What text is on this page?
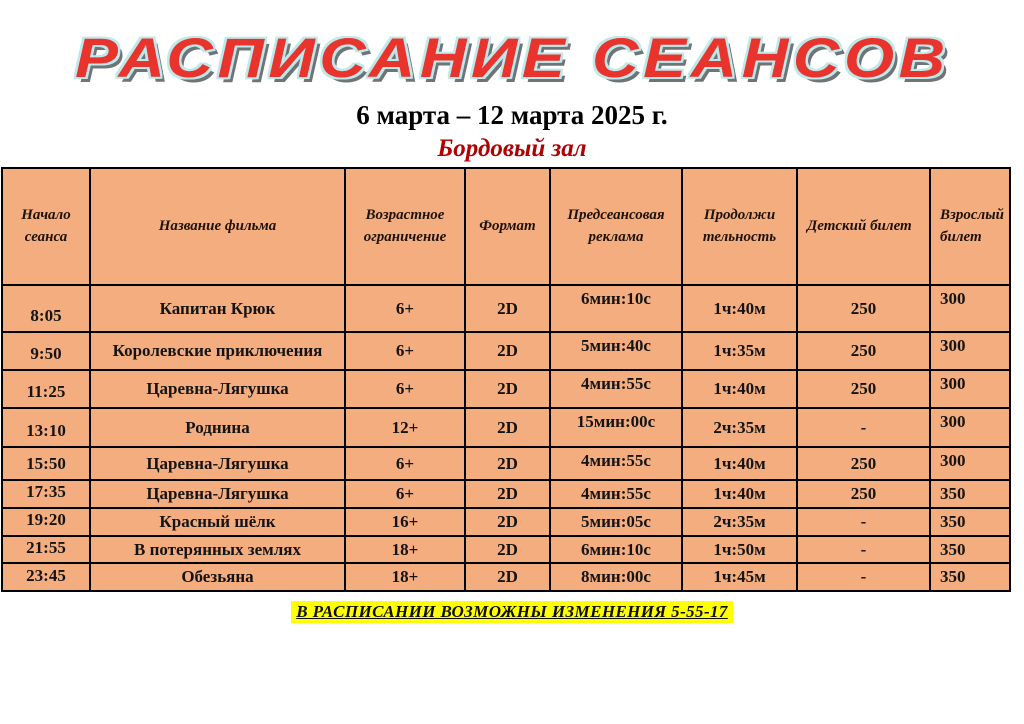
РАСПИСАНИЕ СЕАНСОВ
6 марта – 12 марта 2025 г.
Бордовый зал
Начало сеанса	Название фильма	Возрастное ограничение	Формат	Предсеансовая реклама	Продолжи тельность	Детский билет	Взрослый билет
8:05	Капитан Крюк	6+	2D	6мин:10с	1ч:40м	250	300
9:50	Королевские приключения	6+	2D	5мин:40с	1ч:35м	250	300
11:25	Царевна-Лягушка	6+	2D	4мин:55с	1ч:40м	250	300
13:10	Роднина	12+	2D	15мин:00с	2ч:35м	-	300
15:50	Царевна-Лягушка	6+	2D	4мин:55с	1ч:40м	250	300
17:35	Царевна-Лягушка	6+	2D	4мин:55с	1ч:40м	250	350
19:20	Красный шёлк	16+	2D	5мин:05с	2ч:35м	-	350
21:55	В потерянных землях	18+	2D	6мин:10с	1ч:50м	-	350
23:45	Обезьяна	18+	2D	8мин:00с	1ч:45м	-	350
В РАСПИСАНИИ ВОЗМОЖНЫ ИЗМЕНЕНИЯ 5-55-17
